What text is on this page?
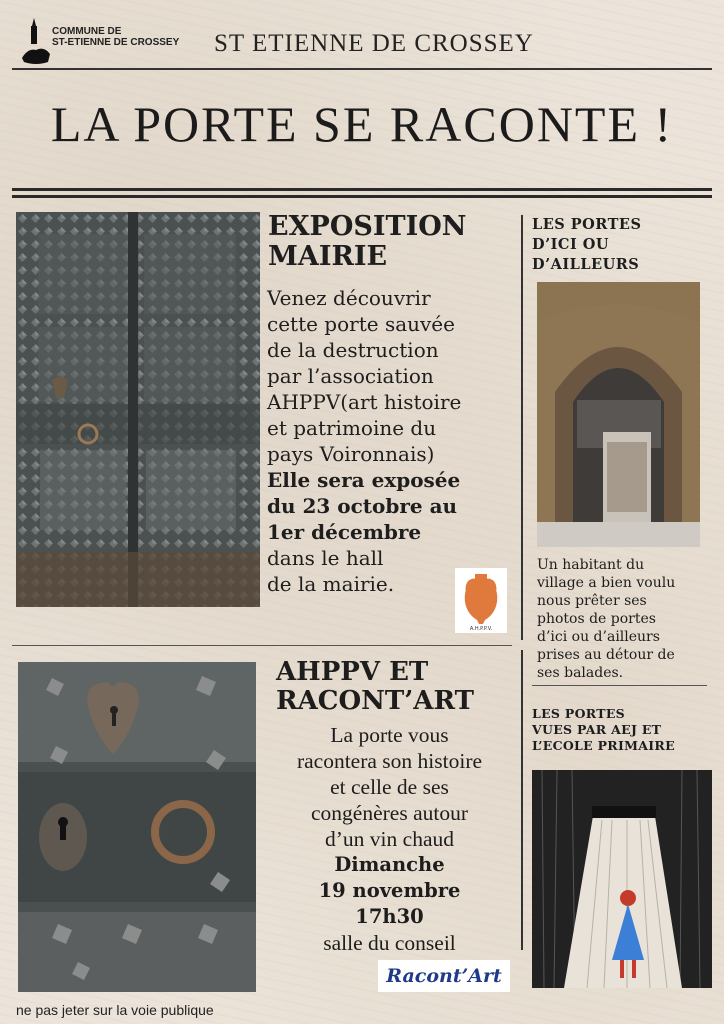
COMMUNE DE
ST-ETIENNE DE CROSSEY ST ETIENNE DE CROSSEY
LA PORTE SE RACONTE !
EXPOSITION
MAIRIE
Venez découvrir
cette porte sauvée
de la destruction
par l’association
AHPPV(art histoire
et patrimoine du
pays Voironnais)
Elle sera exposée
du 23 octobre au
1er décembre
dans le hall
de la mairie.
A.H.P.P.V.
LES PORTES
D’ICI OU
D’AILLEURS
Un habitant du
village a bien voulu
nous prêter ses
photos de portes
d’ici ou d’ailleurs
prises au détour de
ses balades.
LES PORTES
VUES PAR AEJ ET
L’ECOLE PRIMAIRE
AHPPV ET
RACONT’ART
La porte vous
racontera son histoire
et celle de ses
congénères autour
d’un vin chaud
Dimanche
19 novembre
17h30
salle du conseil
Racont’Art
ne pas jeter sur la voie publique
